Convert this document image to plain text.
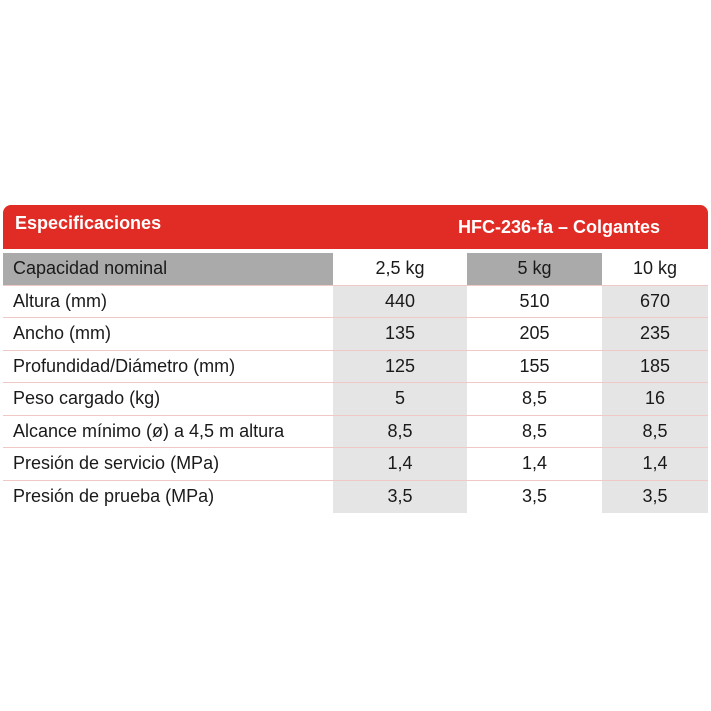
Especificaciones	HFC-236-fa – Colgantes
Capacidad nominal	2,5 kg	5 kg	10 kg
Altura (mm)	440	510	670
Ancho (mm)	135	205	235
Profundidad/Diámetro (mm)	125	155	185
Peso cargado (kg)	5	8,5	16
Alcance mínimo (ø) a 4,5 m altura	8,5	8,5	8,5
Presión de servicio (MPa)	1,4	1,4	1,4
Presión de prueba (MPa)	3,5	3,5	3,5
